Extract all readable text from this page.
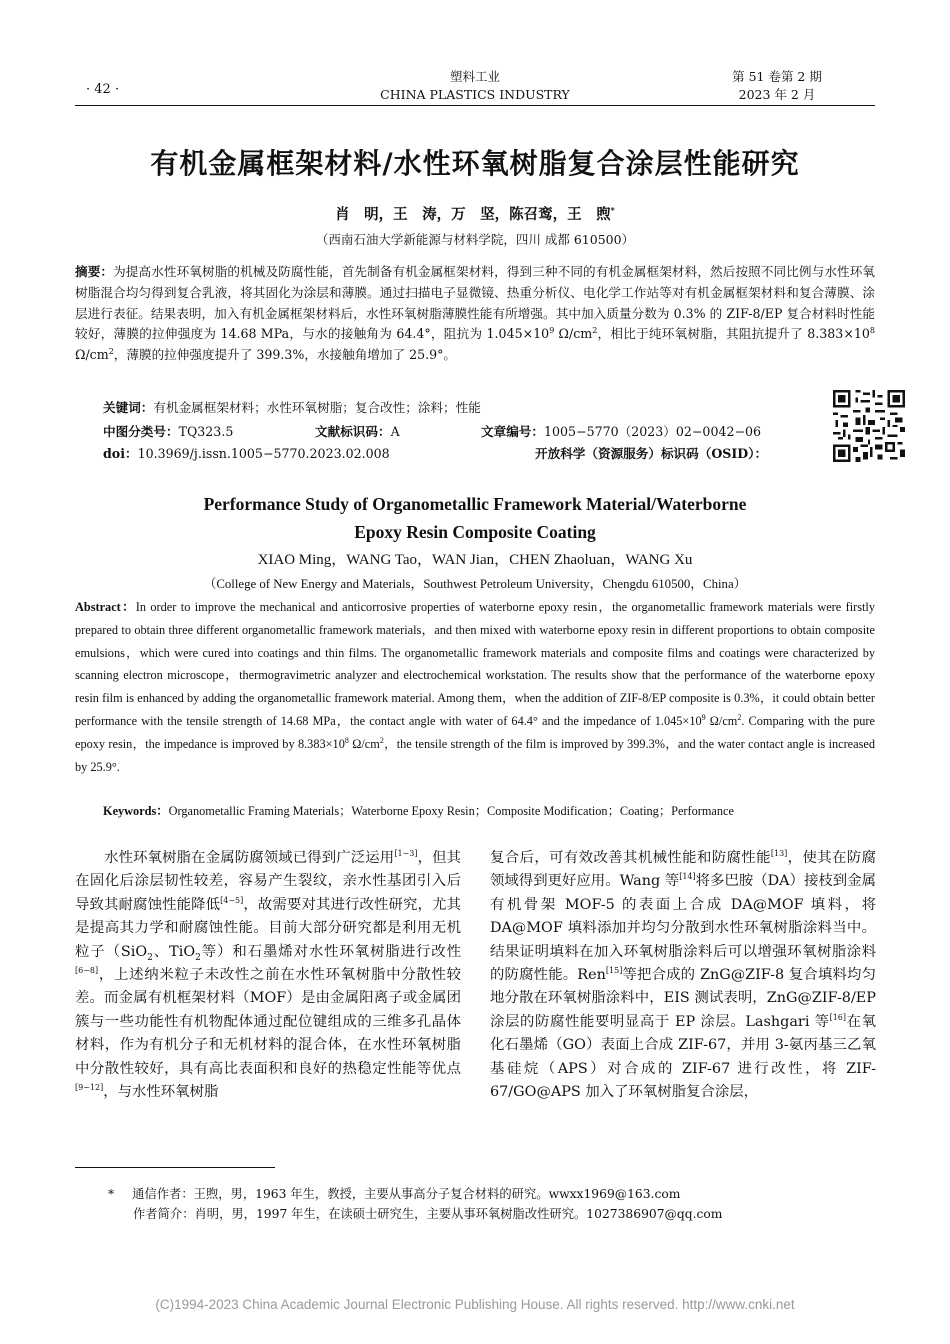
· 42 ·
塑料工业
CHINA PLASTICS INDUSTRY
第 51 卷第 2 期
2023 年 2 月
有机金属框架材料/水性环氧树脂复合涂层性能研究
肖　明，王　涛，万　坚，陈召鸾，王　煦*
（西南石油大学新能源与材料学院，四川 成都 610500）
摘要：为提高水性环氧树脂的机械及防腐性能，首先制备有机金属框架材料，得到三种不同的有机金属框架材料，然后按照不同比例与水性环氧树脂混合均匀得到复合乳液，将其固化为涂层和薄膜。通过扫描电子显微镜、热重分析仪、电化学工作站等对有机金属框架材料和复合薄膜、涂层进行表征。结果表明，加入有机金属框架材料后，水性环氧树脂薄膜性能有所增强。其中加入质量分数为 0.3% 的 ZIF-8/EP 复合材料时性能较好，薄膜的拉伸强度为 14.68 MPa，与水的接触角为 64.4°，阻抗为 $1.045\times 10^9$ $\Omega/cm^2$，相比于纯环氧树脂，其阻抗提升了 $8.383\times 10^8$ $\Omega/cm^2$，薄膜的拉伸强度提升了 399.3%，水接触角增加了 25.9°。
关键词：有机金属框架材料；水性环氧树脂；复合改性；涂料；性能
中图分类号：TQ323.5	文献标识码：A	文章编号：1005−5770（2023）02−0042−06
doi：10.3969/j.issn.1005−5770.2023.02.008	开放科学（资源服务）标识码（OSID）：
Performance Study of Organometallic Framework Material/Waterborne
Epoxy Resin Composite Coating
XIAO Ming，WANG Tao，WAN Jian，CHEN Zhaoluan，WANG Xu
（College of New Energy and Materials，Southwest Petroleum University，Chengdu 610500，China）
Abstract：In order to improve the mechanical and anticorrosive properties of waterborne epoxy resin，the organometallic framework materials were firstly prepared to obtain three different organometallic framework materials，and then mixed with waterborne epoxy resin in different proportions to obtain composite emulsions，which were cured into coatings and thin films. The organometallic framework materials and composite films and coatings were characterized by scanning electron microscope，thermogravimetric analyzer and electrochemical workstation. The results show that the performance of the waterborne epoxy resin film is enhanced by adding the organometallic framework material. Among them，when the addition of ZIF-8/EP composite is 0.3%，it could obtain better performance with the tensile strength of 14.68 MPa，the contact angle with water of 64.4° and the impedance of $1.045\times 10^9$ $\Omega/cm^2$. Comparing with the pure epoxy resin，the impedance is improved by $8.383\times 10^8$ $\Omega/cm^2$，the tensile strength of the film is improved by 399.3%，and the water contact angle is increased by 25.9°.
Keywords：Organometallic Framing Materials；Waterborne Epoxy Resin；Composite Modification；Coating；Performance
水性环氧树脂在金属防腐领域已得到广泛运用[1−3]，但其在固化后涂层韧性较差，容易产生裂纹，亲水性基团引入后导致其耐腐蚀性能降低[4−5]，故需要对其进行改性研究，尤其是提高其力学和耐腐蚀性能。目前大部分研究都是利用无机粒子（SiO$_2$、TiO$_2$等）和石墨烯对水性环氧树脂进行改性[6−8]，上述纳米粒子未改性之前在水性环氧树脂中分散性较差。而金属有机框架材料（MOF）是由金属阳离子或金属团簇与一些功能性有机物配体通过配位键组成的三维多孔晶体材料，作为有机分子和无机材料的混合体，在水性环氧树脂中分散性较好，具有高比表面积和良好的热稳定性能等优点[9−12]，与水性环氧树脂
复合后，可有效改善其机械性能和防腐性能[13]，使其在防腐领域得到更好应用。Wang 等[14]将多巴胺（DA）接枝到金属有机骨架 MOF-5 的表面上合成 DA@MOF 填料，将 DA@MOF 填料添加并均匀分散到水性环氧树脂涂料当中。结果证明填料在加入环氧树脂涂料后可以增强环氧树脂涂料的防腐性能。Ren[15]等把合成的 ZnG@ZIF-8 复合填料均匀地分散在环氧树脂涂料中，EIS 测试表明，ZnG@ZIF-8/EP 涂层的防腐性能要明显高于 EP 涂层。Lashgari 等[16]在氧化石墨烯（GO）表面上合成 ZIF-67，并用 3-氨丙基三乙氧基硅烷（APS）对合成的 ZIF-67 进行改性，将 ZIF-67/GO@APS 加入了环氧树脂复合涂层，
* 通信作者：王煦，男，1963 年生，教授，主要从事高分子复合材料的研究。wwxx1969@163.com
作者简介：肖明，男，1997 年生，在读硕士研究生，主要从事环氧树脂改性研究。1027386907@qq.com
(C)1994-2023 China Academic Journal Electronic Publishing House. All rights reserved. http://www.cnki.net
